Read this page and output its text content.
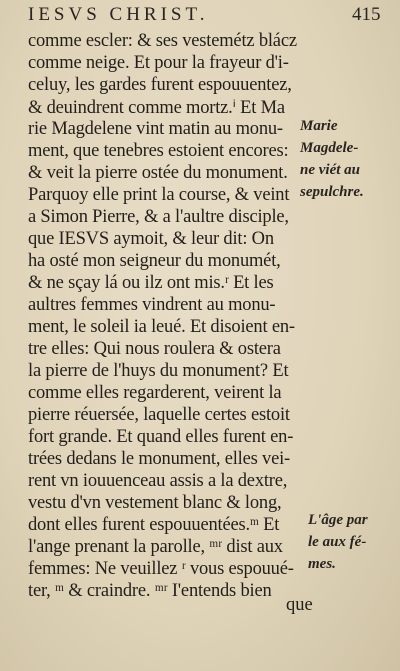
IESVS CHRIST.	415
comme escler: & ses vestemétz blácz
comme neige. Et pour la frayeur d'i-
celuy, les gardes furent espouuentez,
& deuindrent comme mortz.ⁱ Et Ma
rie Magdelene vint matin au monu-
ment, que tenebres estoient encores:
& veit la pierre ostée du monument.
Parquoy elle print la course, & veint
a Simon Pierre, & a l'aultre disciple,
que IESVS aymoit, & leur dit: On
ha osté mon seigneur du monumét,
& ne sçay lá ou ilz ont mis.ʳ Et les
aultres femmes vindrent au monu-
ment, le soleil ia leué. Et disoient en-
tre elles: Qui nous roulera & ostera
la pierre de l'huys du monument? Et
comme elles regarderent, veirent la
pierre réuersée, laquelle certes estoit
fort grande. Et quand elles furent en-
trées dedans le monument, elles vei-
rent vn iouuenceau assis a la dextre,
vestu d'vn vestement blanc & long,
dont elles furent espouuentées.ᵐ Et
l'ange prenant la parolle, ᵐʳ dist aux
femmes: Ne veuillez ʳ vous espouué-
ter, ᵐ & craindre. ᵐʳ I'entends bien
Marie
Magdele-
ne viét au
sepulchre.
L'âge par
le aux fé-
mes.
que
